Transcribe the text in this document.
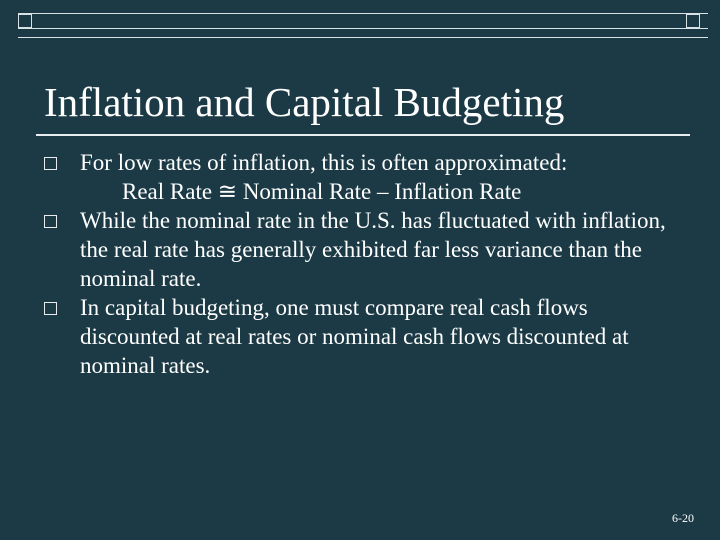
Inflation and Capital Budgeting
For low rates of inflation, this is often approximated:
Real Rate ≅ Nominal Rate – Inflation Rate
While the nominal rate in the U.S. has fluctuated with inflation, the real rate has generally exhibited far less variance than the nominal rate.
In capital budgeting, one must compare real cash flows discounted at real rates or nominal cash flows discounted at nominal rates.
6-20
